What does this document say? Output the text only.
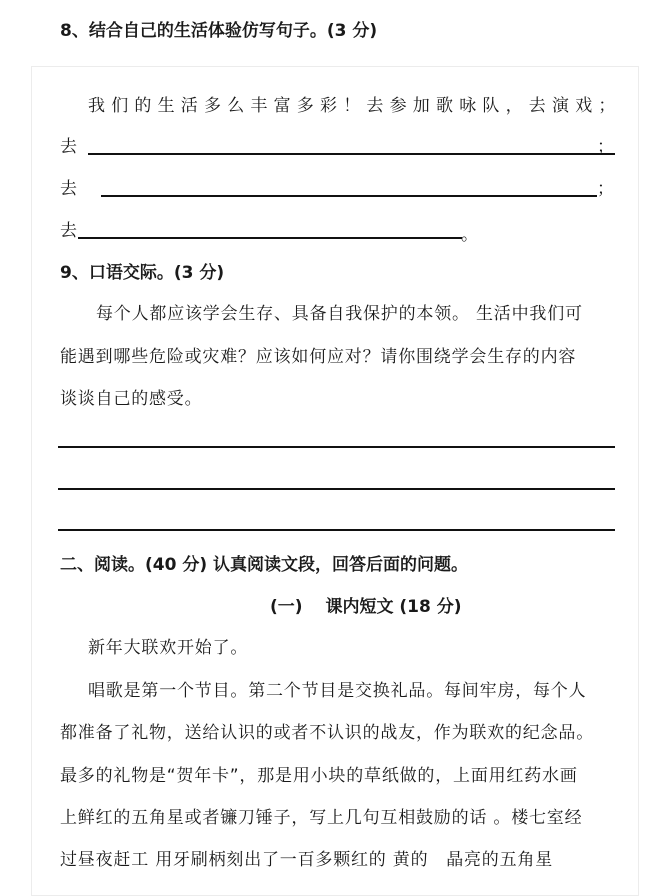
8、结合自己的生活体验仿写句子。(3 分)
我们的生活多么丰富多彩！去参加歌咏队，去演戏；
去	；
去	；
去	。
9、口语交际。(3 分)
每个人都应该学会生存、具备自我保护的本领。 生活中我们可
能遇到哪些危险或灾难？应该如何应对？请你围绕学会生存的内容
谈谈自己的感受。
二、阅读。(40 分) 认真阅读文段，回答后面的问题。
(一)　 课内短文 (18 分)
新年大联欢开始了。
唱歌是第一个节目。第二个节目是交换礼品。每间牢房，每个人
都准备了礼物，送给认识的或者不认识的战友，作为联欢的纪念品。
最多的礼物是“贺年卡”，那是用小块的草纸做的，上面用红药水画
上鲜红的五角星或者镰刀锤子，写上几句互相鼓励的话 。楼七室经
过昼夜赶工 用牙刷柄刻出了一百多颗红的 黄的　晶亮的五角星
